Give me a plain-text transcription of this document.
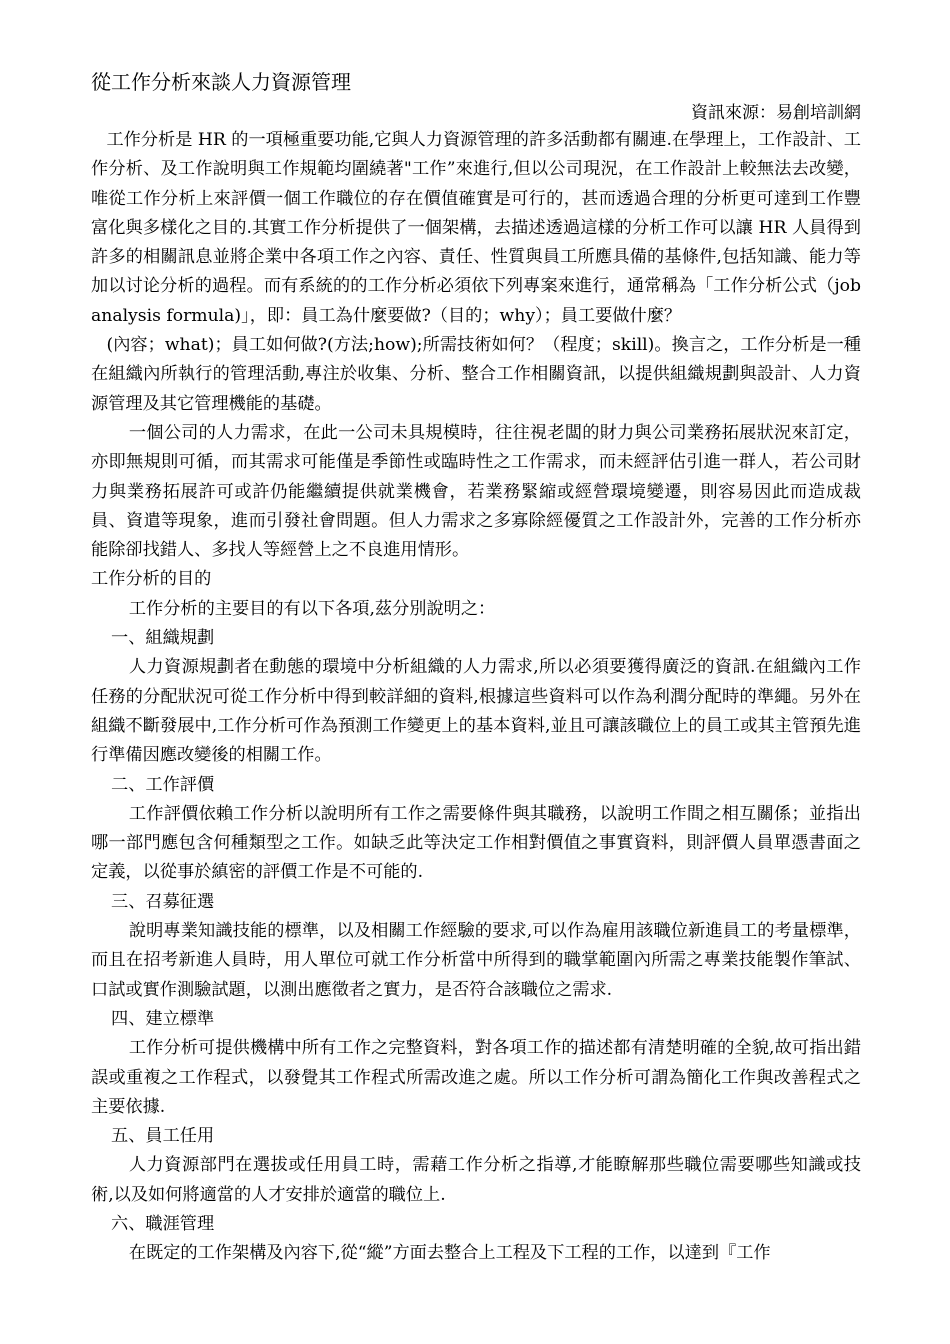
從工作分析來談人力資源管理

資訊來源：易創培訓網

工作分析是 HR 的一項極重要功能,它與人力資源管理的許多活動都有關連.在學理上，工作設計、工作分析、及工作說明與工作規範均圍繞著"工作”來進行,但以公司現況，在工作設計上較無法去改變，唯從工作分析上來評價一個工作職位的存在價值確實是可行的，甚而透過合理的分析更可達到工作豐富化與多樣化之目的.其實工作分析提供了一個架構，去描述透過這樣的分析工作可以讓 HR 人員得到許多的相關訊息並將企業中各項工作之內容、責任、性質與員工所應具備的基條件,包括知識、能力等加以讨论分析的過程。而有系統的的工作分析必須依下列專案來進行，通常稱為「工作分析公式（job analysis formula)」，即：員工為什麼要做?（目的；why）；員工要做什麼？

(內容；what)；員工如何做?(方法;how);所需技術如何？（程度；skill)。換言之，工作分析是一種在組織內所執行的管理活動,專注於收集、分析、整合工作相關資訊，以提供組織規劃與設計、人力資源管理及其它管理機能的基礎。

一個公司的人力需求，在此一公司未具規模時，往往視老闆的財力與公司業務拓展狀況來訂定，亦即無規則可循，而其需求可能僅是季節性或臨時性之工作需求，而未經評估引進一群人，若公司財力與業務拓展許可或許仍能繼續提供就業機會，若業務緊縮或經營環境變遷，則容易因此而造成裁員、資遣等現象，進而引發社會問題。但人力需求之多寡除經優質之工作設計外，完善的工作分析亦能除卻找錯人、多找人等經營上之不良進用情形。

工作分析的目的

工作分析的主要目的有以下各項,茲分別說明之：

一、組織規劃

人力資源規劃者在動態的環境中分析組織的人力需求,所以必須要獲得廣泛的資訊.在組織內工作任務的分配狀況可從工作分析中得到較詳細的資料,根據這些資料可以作為利潤分配時的準繩。另外在組織不斷發展中,工作分析可作為預測工作變更上的基本資料,並且可讓該職位上的員工或其主管預先進行準備因應改變後的相關工作。

二、工作評價

工作評價依賴工作分析以說明所有工作之需要條件與其職務，以說明工作間之相互關係；並指出哪一部門應包含何種類型之工作。如缺乏此等決定工作相對價值之事實資料，則評價人員單憑書面之定義，以從事於縝密的評價工作是不可能的.

三、召募征選

說明專業知識技能的標準，以及相關工作經驗的要求,可以作為雇用該職位新進員工的考量標準，而且在招考新進人員時，用人單位可就工作分析當中所得到的職掌範圍內所需之專業技能製作筆試、口試或實作測驗試題，以測出應徵者之實力，是否符合該職位之需求.

四、建立標準

工作分析可提供機構中所有工作之完整資料，對各項工作的描述都有清楚明確的全貌,故可指出錯誤或重複之工作程式，以發覺其工作程式所需改進之處。所以工作分析可謂為簡化工作與改善程式之主要依據.

五、員工任用

人力資源部門在選拔或任用員工時，需藉工作分析之指導,才能瞭解那些職位需要哪些知識或技術,以及如何將適當的人才安排於適當的職位上.

六、職涯管理

在既定的工作架構及內容下,從“縱”方面去整合上工程及下工程的工作，以達到『工作
